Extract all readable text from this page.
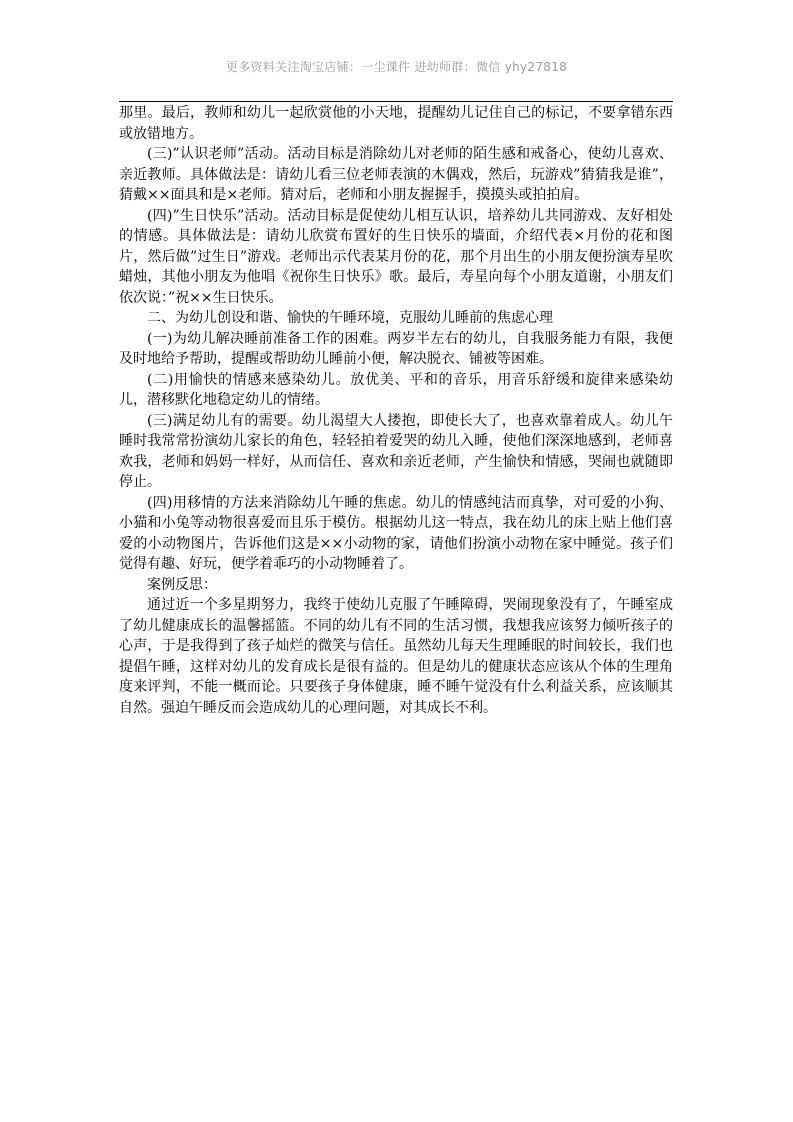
更多资料关注淘宝店铺：一尘课件 进幼师群：微信 yhy27818

那里。最后，教师和幼儿一起欣赏他的小天地，提醒幼儿记住自己的标记，不要拿错东西或放错地方。

(三)”认识老师”活动。活动目标是消除幼儿对老师的陌生感和戒备心，使幼儿喜欢、亲近教师。具体做法是：请幼儿看三位老师表演的木偶戏，然后，玩游戏”猜猜我是谁”，猜戴××面具和是×老师。猜对后，老师和小朋友握握手，摸摸头或拍拍肩。

(四)”生日快乐”活动。活动目标是促使幼儿相互认识，培养幼儿共同游戏、友好相处的情感。具体做法是：请幼儿欣赏布置好的生日快乐的墙面，介绍代表×月份的花和图片，然后做”过生日”游戏。老师出示代表某月份的花，那个月出生的小朋友便扮演寿星吹蜡烛，其他小朋友为他唱《祝你生日快乐》歌。最后，寿星向每个小朋友道谢，小朋友们依次说：”祝××生日快乐。

二、为幼儿创设和谐、愉快的午睡环境，克服幼儿睡前的焦虑心理

(一)为幼儿解决睡前准备工作的困难。两岁半左右的幼儿，自我服务能力有限，我便及时地给予帮助，提醒或帮助幼儿睡前小便，解决脱衣、铺被等困难。

(二)用愉快的情感来感染幼儿。放优美、平和的音乐，用音乐舒缓和旋律来感染幼儿，潜移默化地稳定幼儿的情绪。

(三)满足幼儿有的需要。幼儿渴望大人搂抱，即使长大了，也喜欢靠着成人。幼儿午睡时我常常扮演幼儿家长的角色，轻轻拍着爱哭的幼儿入睡，使他们深深地感到，老师喜欢我，老师和妈妈一样好，从而信任、喜欢和亲近老师，产生愉快和情感，哭闹也就随即停止。

(四)用移情的方法来消除幼儿午睡的焦虑。幼儿的情感纯洁而真挚，对可爱的小狗、小猫和小兔等动物很喜爱而且乐于模仿。根据幼儿这一特点，我在幼儿的床上贴上他们喜爱的小动物图片，告诉他们这是××小动物的家，请他们扮演小动物在家中睡觉。孩子们觉得有趣、好玩，便学着乖巧的小动物睡着了。

案例反思：

通过近一个多星期努力，我终于使幼儿克服了午睡障碍，哭闹现象没有了，午睡室成了幼儿健康成长的温馨摇篮。不同的幼儿有不同的生活习惯，我想我应该努力倾听孩子的心声，于是我得到了孩子灿烂的微笑与信任。虽然幼儿每天生理睡眠的时间较长，我们也提倡午睡，这样对幼儿的发育成长是很有益的。但是幼儿的健康状态应该从个体的生理角度来评判，不能一概而论。只要孩子身体健康，睡不睡午觉没有什么利益关系，应该顺其自然。强迫午睡反而会造成幼儿的心理问题，对其成长不利。
